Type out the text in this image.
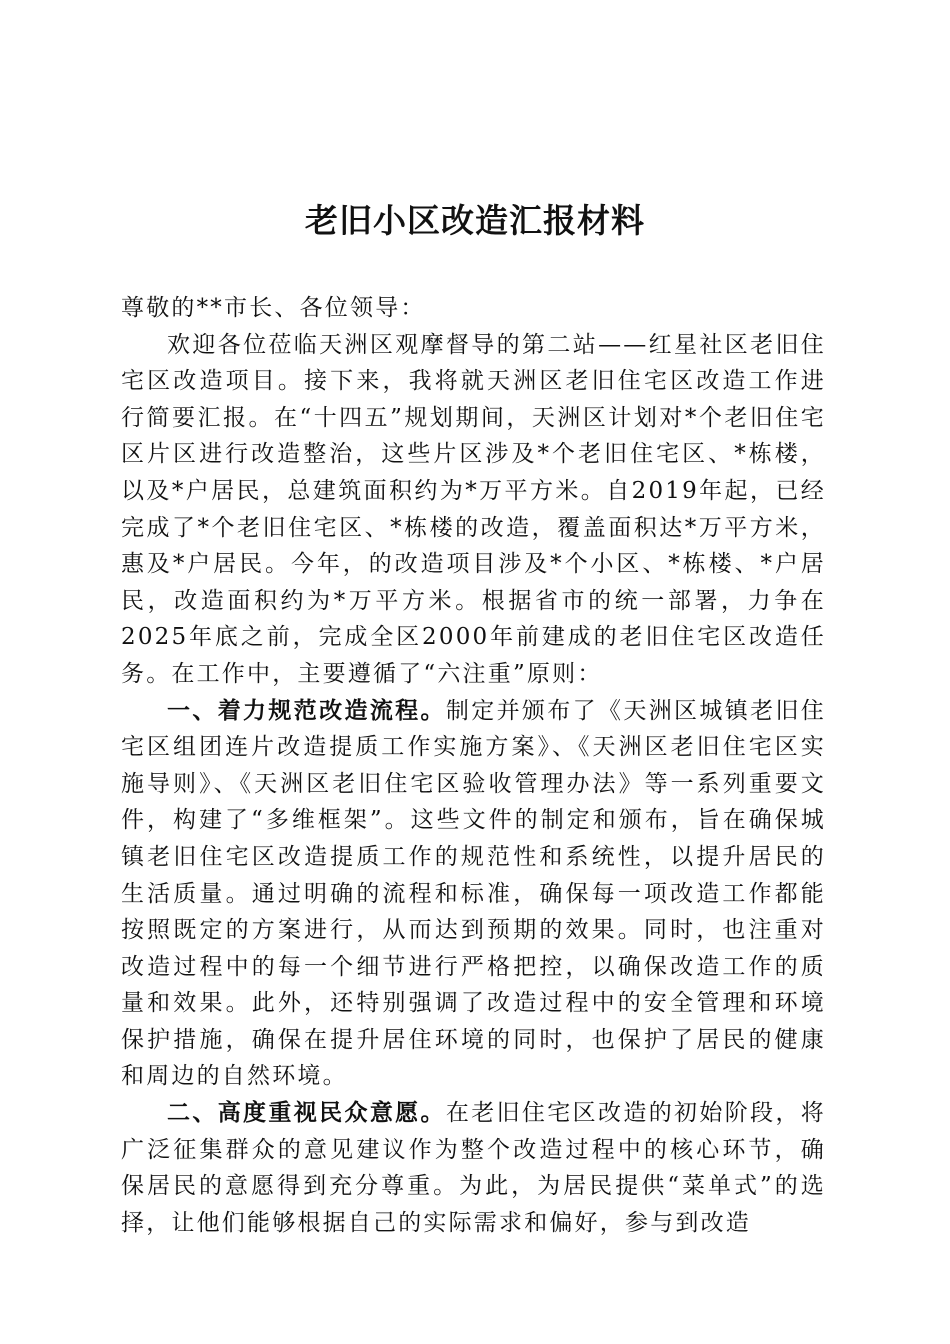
老旧小区改造汇报材料

尊敬的**市长、各位领导：

欢迎各位莅临天洲区观摩督导的第二站——红星社区老旧住宅区改造项目。接下来，我将就天洲区老旧住宅区改造工作进行简要汇报。在“十四五”规划期间，天洲区计划对*个老旧住宅区片区进行改造整治，这些片区涉及*个老旧住宅区、*栋楼，以及*户居民，总建筑面积约为*万平方米。自2019年起，已经完成了*个老旧住宅区、*栋楼的改造，覆盖面积达*万平方米，惠及*户居民。今年，的改造项目涉及*个小区、*栋楼、*户居民，改造面积约为*万平方米。根据省市的统一部署，力争在2025年底之前，完成全区2000年前建成的老旧住宅区改造任务。在工作中，主要遵循了“六注重”原则：

一、着力规范改造流程。制定并颁布了《天洲区城镇老旧住宅区组团连片改造提质工作实施方案》、《天洲区老旧住宅区实施导则》、《天洲区老旧住宅区验收管理办法》等一系列重要文件，构建了“多维框架”。这些文件的制定和颁布，旨在确保城镇老旧住宅区改造提质工作的规范性和系统性，以提升居民的生活质量。通过明确的流程和标准，确保每一项改造工作都能按照既定的方案进行，从而达到预期的效果。同时，也注重对改造过程中的每一个细节进行严格把控，以确保改造工作的质量和效果。此外，还特别强调了改造过程中的安全管理和环境保护措施，确保在提升居住环境的同时，也保护了居民的健康和周边的自然环境。

二、高度重视民众意愿。在老旧住宅区改造的初始阶段，将广泛征集群众的意见建议作为整个改造过程中的核心环节，确保居民的意愿得到充分尊重。为此，为居民提供“菜单式”的选择，让他们能够根据自己的实际需求和偏好，参与到改造
